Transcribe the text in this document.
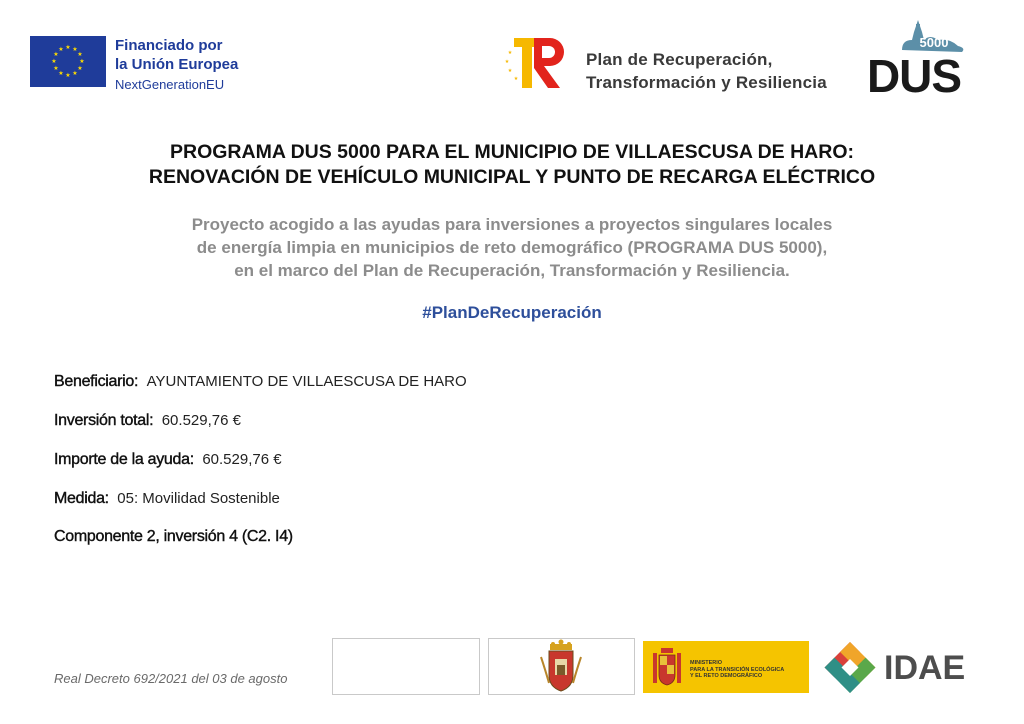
★ ★
★
★
★
★
★
★
★
★
★
★	Financiado por
la Unión Europea
NextGenerationEU
★
★
★
★
Plan de Recuperación,
Transformación y Resiliencia
5000
DUS
PROGRAMA DUS 5000 PARA EL MUNICIPIO DE VILLAESCUSA DE HARO:
RENOVACIÓN DE VEHÍCULO MUNICIPAL Y PUNTO DE RECARGA ELÉCTRICO
Proyecto acogido a las ayudas para inversiones a proyectos singulares locales
de energía limpia en municipios de reto demográfico (PROGRAMA DUS 5000),
en el marco del Plan de Recuperación, Transformación y Resiliencia.
#PlanDeRecuperación
Beneficiario: AYUNTAMIENTO DE VILLAESCUSA DE HARO
Inversión total: 60.529,76 €
Importe de la ayuda: 60.529,76 €
Medida: 05: Movilidad Sostenible
Componente 2, inversión 4 (C2. I4)
Real Decreto 692/2021 del 03 de agosto
MINISTERIO
PARA LA TRANSICIÓN ECOLÓGICA
Y EL RETO DEMOGRÁFICO	IDAE
